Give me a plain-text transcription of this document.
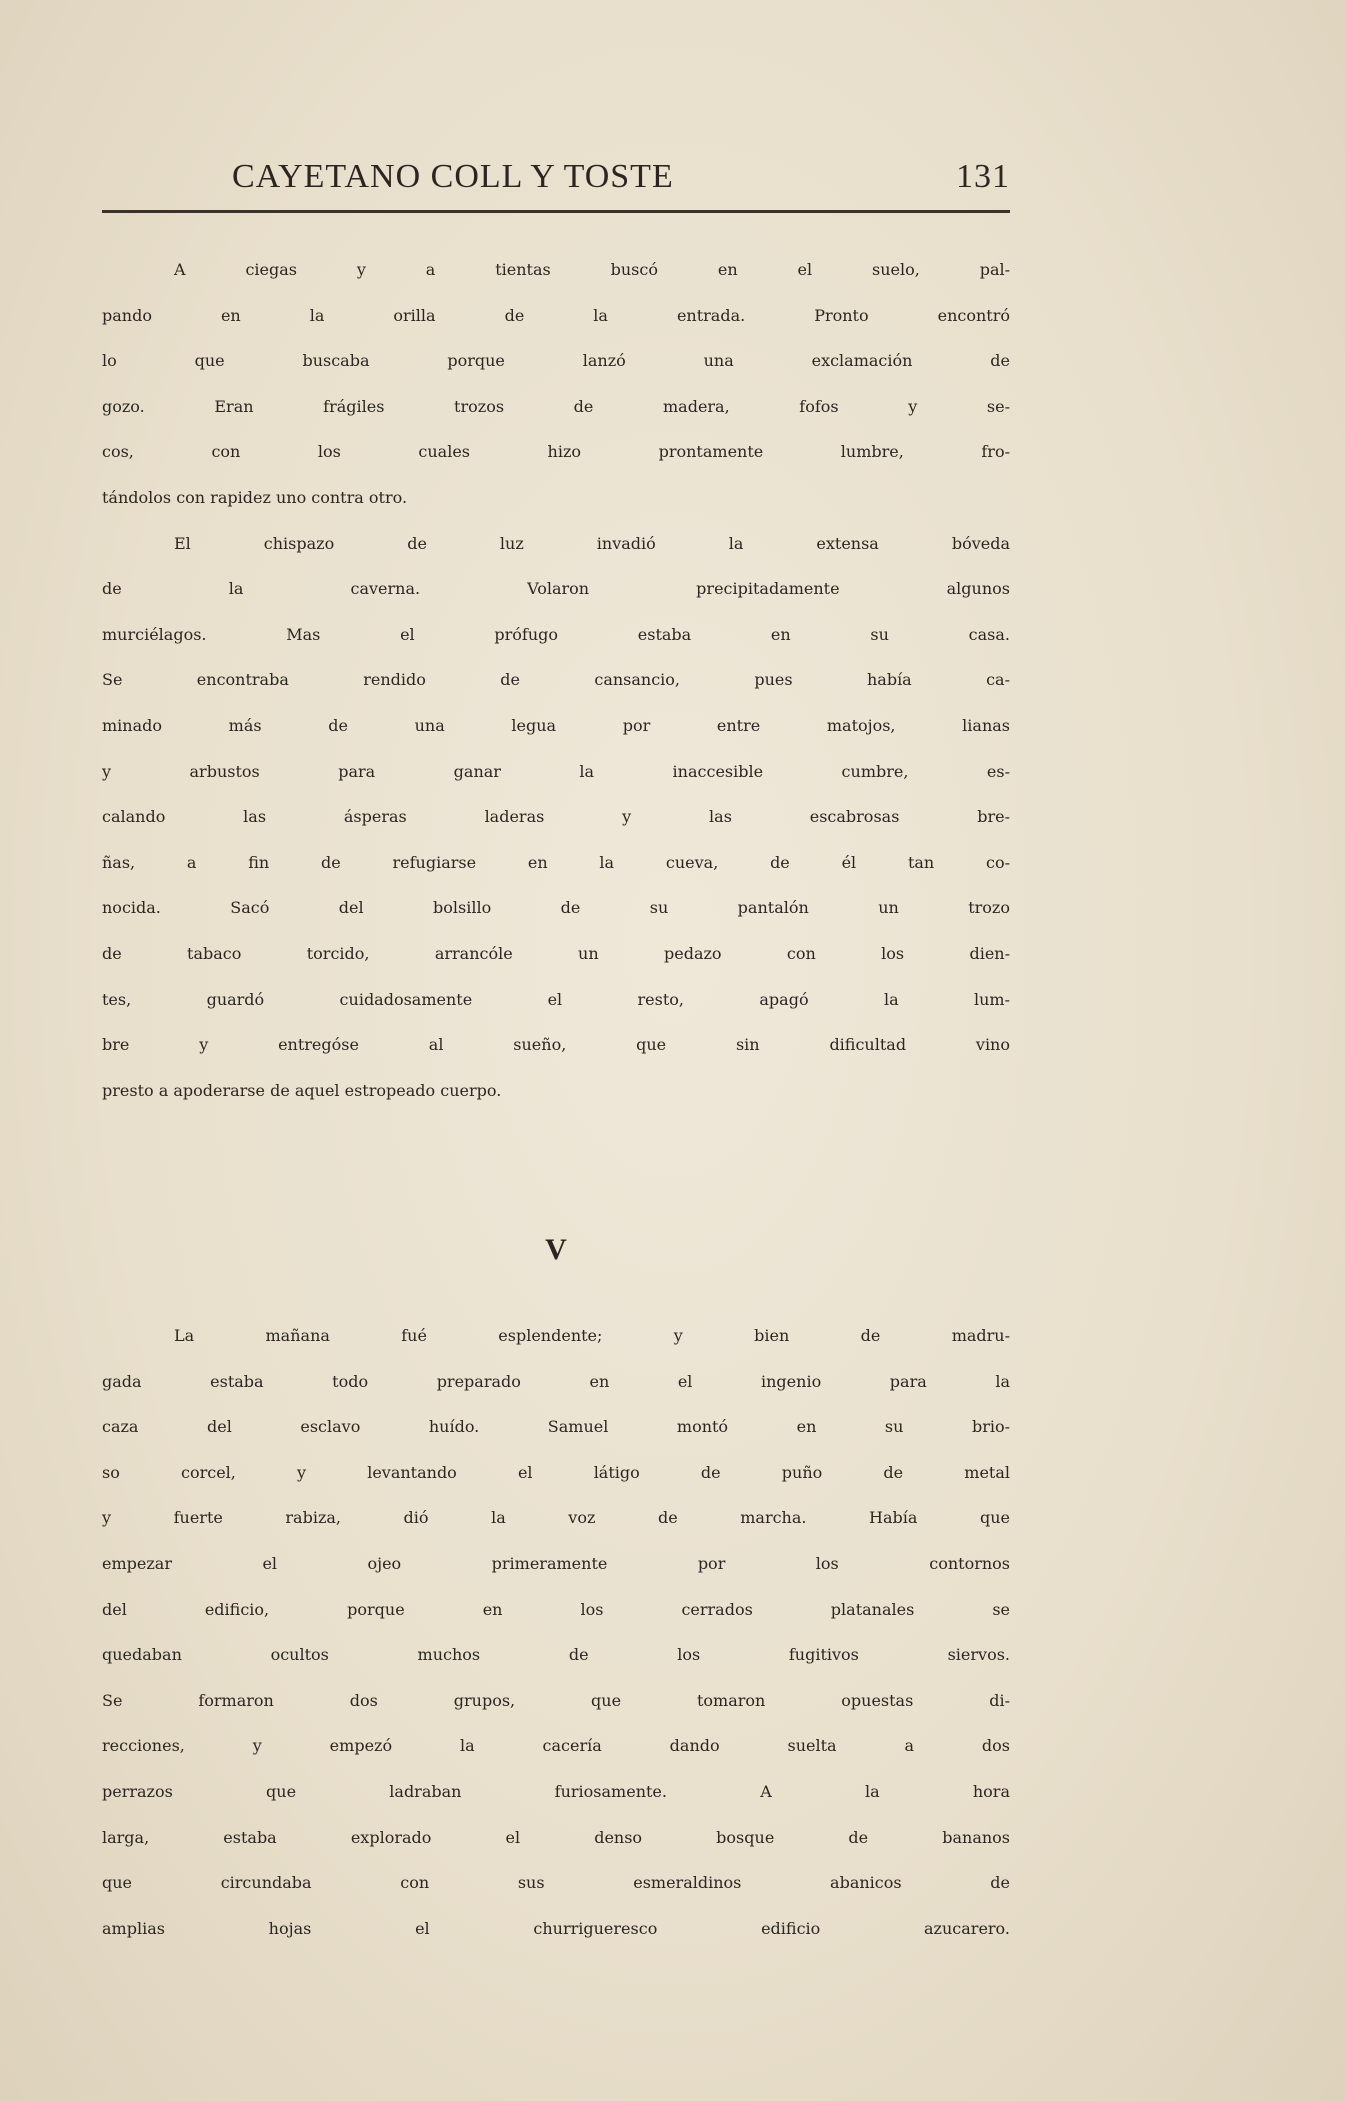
CAYETANO COLL Y TOSTE	131
A ciegas y a tientas buscó en el suelo, pal-
pando en la orilla de la entrada. Pronto encontró
lo que buscaba porque lanzó una exclamación de
gozo. Eran frágiles trozos de madera, fofos y se-
cos, con los cuales hizo prontamente lumbre, fro-
tándolos con rapidez uno contra otro.
El chispazo de luz invadió la extensa bóveda
de la caverna. Volaron precipitadamente algunos
murciélagos. Mas el prófugo estaba en su casa.
Se encontraba rendido de cansancio, pues había ca-
minado más de una legua por entre matojos, lianas
y arbustos para ganar la inaccesible cumbre, es-
calando las ásperas laderas y las escabrosas bre-
ñas, a fin de refugiarse en la cueva, de él tan co-
nocida. Sacó del bolsillo de su pantalón un trozo
de tabaco torcido, arrancóle un pedazo con los dien-
tes, guardó cuidadosamente el resto, apagó la lum-
bre y entregóse al sueño, que sin dificultad vino
presto a apoderarse de aquel estropeado cuerpo.
V
La mañana fué esplendente; y bien de madru-
gada estaba todo preparado en el ingenio para la
caza del esclavo huído. Samuel montó en su brio-
so corcel, y levantando el látigo de puño de metal
y fuerte rabiza, dió la voz de marcha. Había que
empezar el ojeo primeramente por los contornos
del edificio, porque en los cerrados platanales se
quedaban ocultos muchos de los fugitivos siervos.
Se formaron dos grupos, que tomaron opuestas di-
recciones, y empezó la cacería dando suelta a dos
perrazos que ladraban furiosamente. A la hora
larga, estaba explorado el denso bosque de bananos
que circundaba con sus esmeraldinos abanicos de
amplias hojas el churrigueresco edificio azucarero.
